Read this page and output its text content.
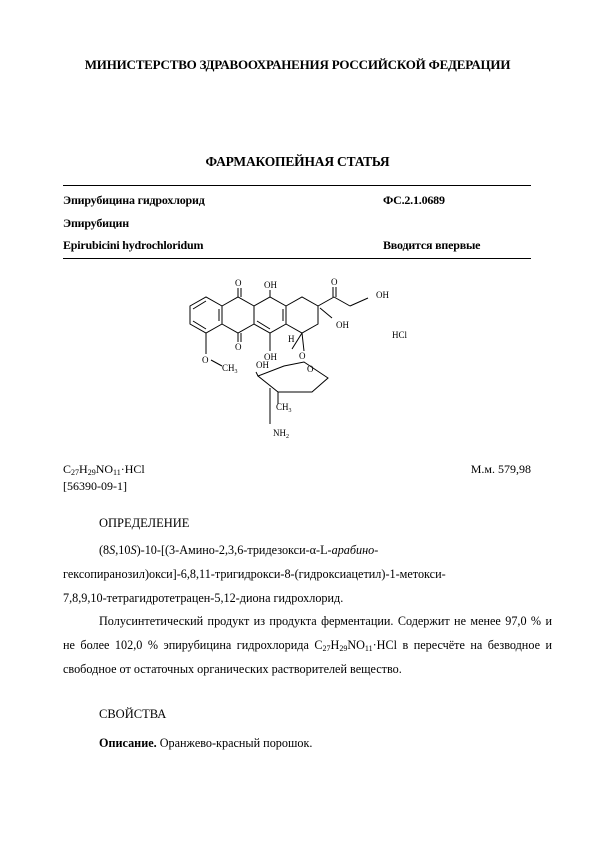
МИНИСТЕРСТВО ЗДРАВООХРАНЕНИЯ РОССИЙСКОЙ ФЕДЕРАЦИИ
ФАРМАКОПЕЙНАЯ СТАТЬЯ
Эпирубицина гидрохлорид	ФС.2.1.0689
Эпирубицин
Epirubicini hydrochloridum	Вводится впервые
O	OH
OH
O
OH
H	HCl
O
O
OH
O
$CH_3$
OH	O
$CH_3$
$NH_2$
$C_{27}H_{29}NO_{11}\cdot HCl$	М.м. 579,98
[56390-09-1]
ОПРЕДЕЛЕНИЕ

(8S,10S)-10-[(3-Амино-2,3,6-тридезокси-α-L-арабино-

гексопиранозил)окси]-6,8,11-тригидрокси-8-(гидроксиацетил)-1-метокси-

7,8,9,10-тетрагидротетрацен-5,12-диона гидрохлорид.

Полусинтетический продукт из продукта ферментации. Содержит не менее 97,0 % и не более 102,0 % эпирубицина гидрохлорида $C_{27}H_{29}NO_{11}\cdot HCl$ в пересчёте на безводное и свободное от остаточных органических растворителей вещество.

СВОЙСТВА

Описание. Оранжево-красный порошок.
